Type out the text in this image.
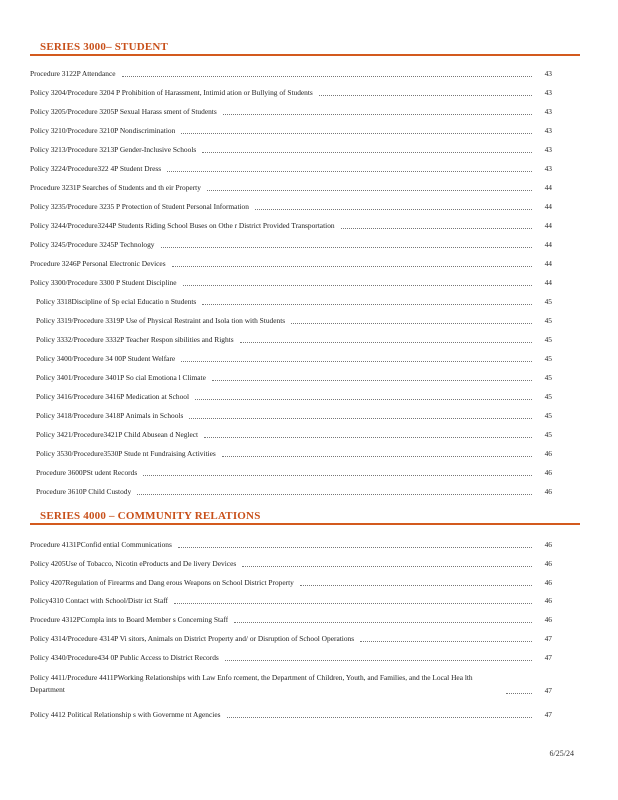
SERIES 3000– STUDENT
Procedure 3122P Attendance	43
Policy 3204/Procedure 3204 P Prohibition of Harassment, Intimid ation or Bullying of Students	43
Policy 3205/Procedure 3205P Sexual Harass sment of Students	43
Policy 3210/Procedure 3210P Nondiscrimination	43
Policy 3213/Procedure 3213P Gender-Inclusive Schools	43
Policy 3224/Procedure322 4P Student Dress	43
Procedure 3231P Searches of Students and th eir Property	44
Policy 3235/Procedure 3235 P Protection of Student Personal Information	44
Policy 3244/Procedure3244P Students Riding School Buses on Othe r District Provided Transportation	44
Policy 3245/Procedure 3245P Technology	44
Procedure 3246P Personal Electronic Devices	44
Policy 3300/Procedure 3300 P Student Discipline	44
Policy 3318Discipline of Sp ecial Educatio n Students	45
Policy 3319/Procedure 3319P Use of Physical Restraint and Isola tion with Students	45
Policy 3332/Procedure 3332P Teacher Respon sibilities and Rights	45
Policy 3400/Procedure 34 00P Student Welfare	45
Policy 3401/Procedure 3401P So cial Emotiona l Climate	45
Policy 3416/Procedure 3416P Medication at School	45
Policy 3418/Procedure 3418P Animals in Schools	45
Policy 3421/Procedure3421P Child Abusean d Neglect	45
Policy 3530/Procedure3530P Stude nt Fundraising Activities	46
Procedure 3600PSt udent Records	46
Procedure 3610P Child Custody	46
SERIES 4000 – COMMUNITY RELATIONS
Procedure 4131PConfid ential Communications	46
Policy 4205Use of Tobacco, Nicotin eProducts and De livery Devices	46
Policy 4207Regulation of Firearms and Dang erous Weapons on School District Property	46
Policy4310 Contact with School/Distr ict Staff	46
Procedure 4312PCompla ints to Board Member s Concerning Staff	46
Policy 4314/Procedure 4314P Vi sitors, Animals on District Property and/ or Disruption of School Operations	47
Policy 4340/Procedure434 0P Public Access to District Records	47
Policy 4411/Procedure 4411PWorking Relationships with Law Enfo rcement, the Department of Children, Youth, and Families, and the Local Hea lth Department	47
Policy 4412 Political Relationship s with Governme nt Agencies	47
6/25/24
